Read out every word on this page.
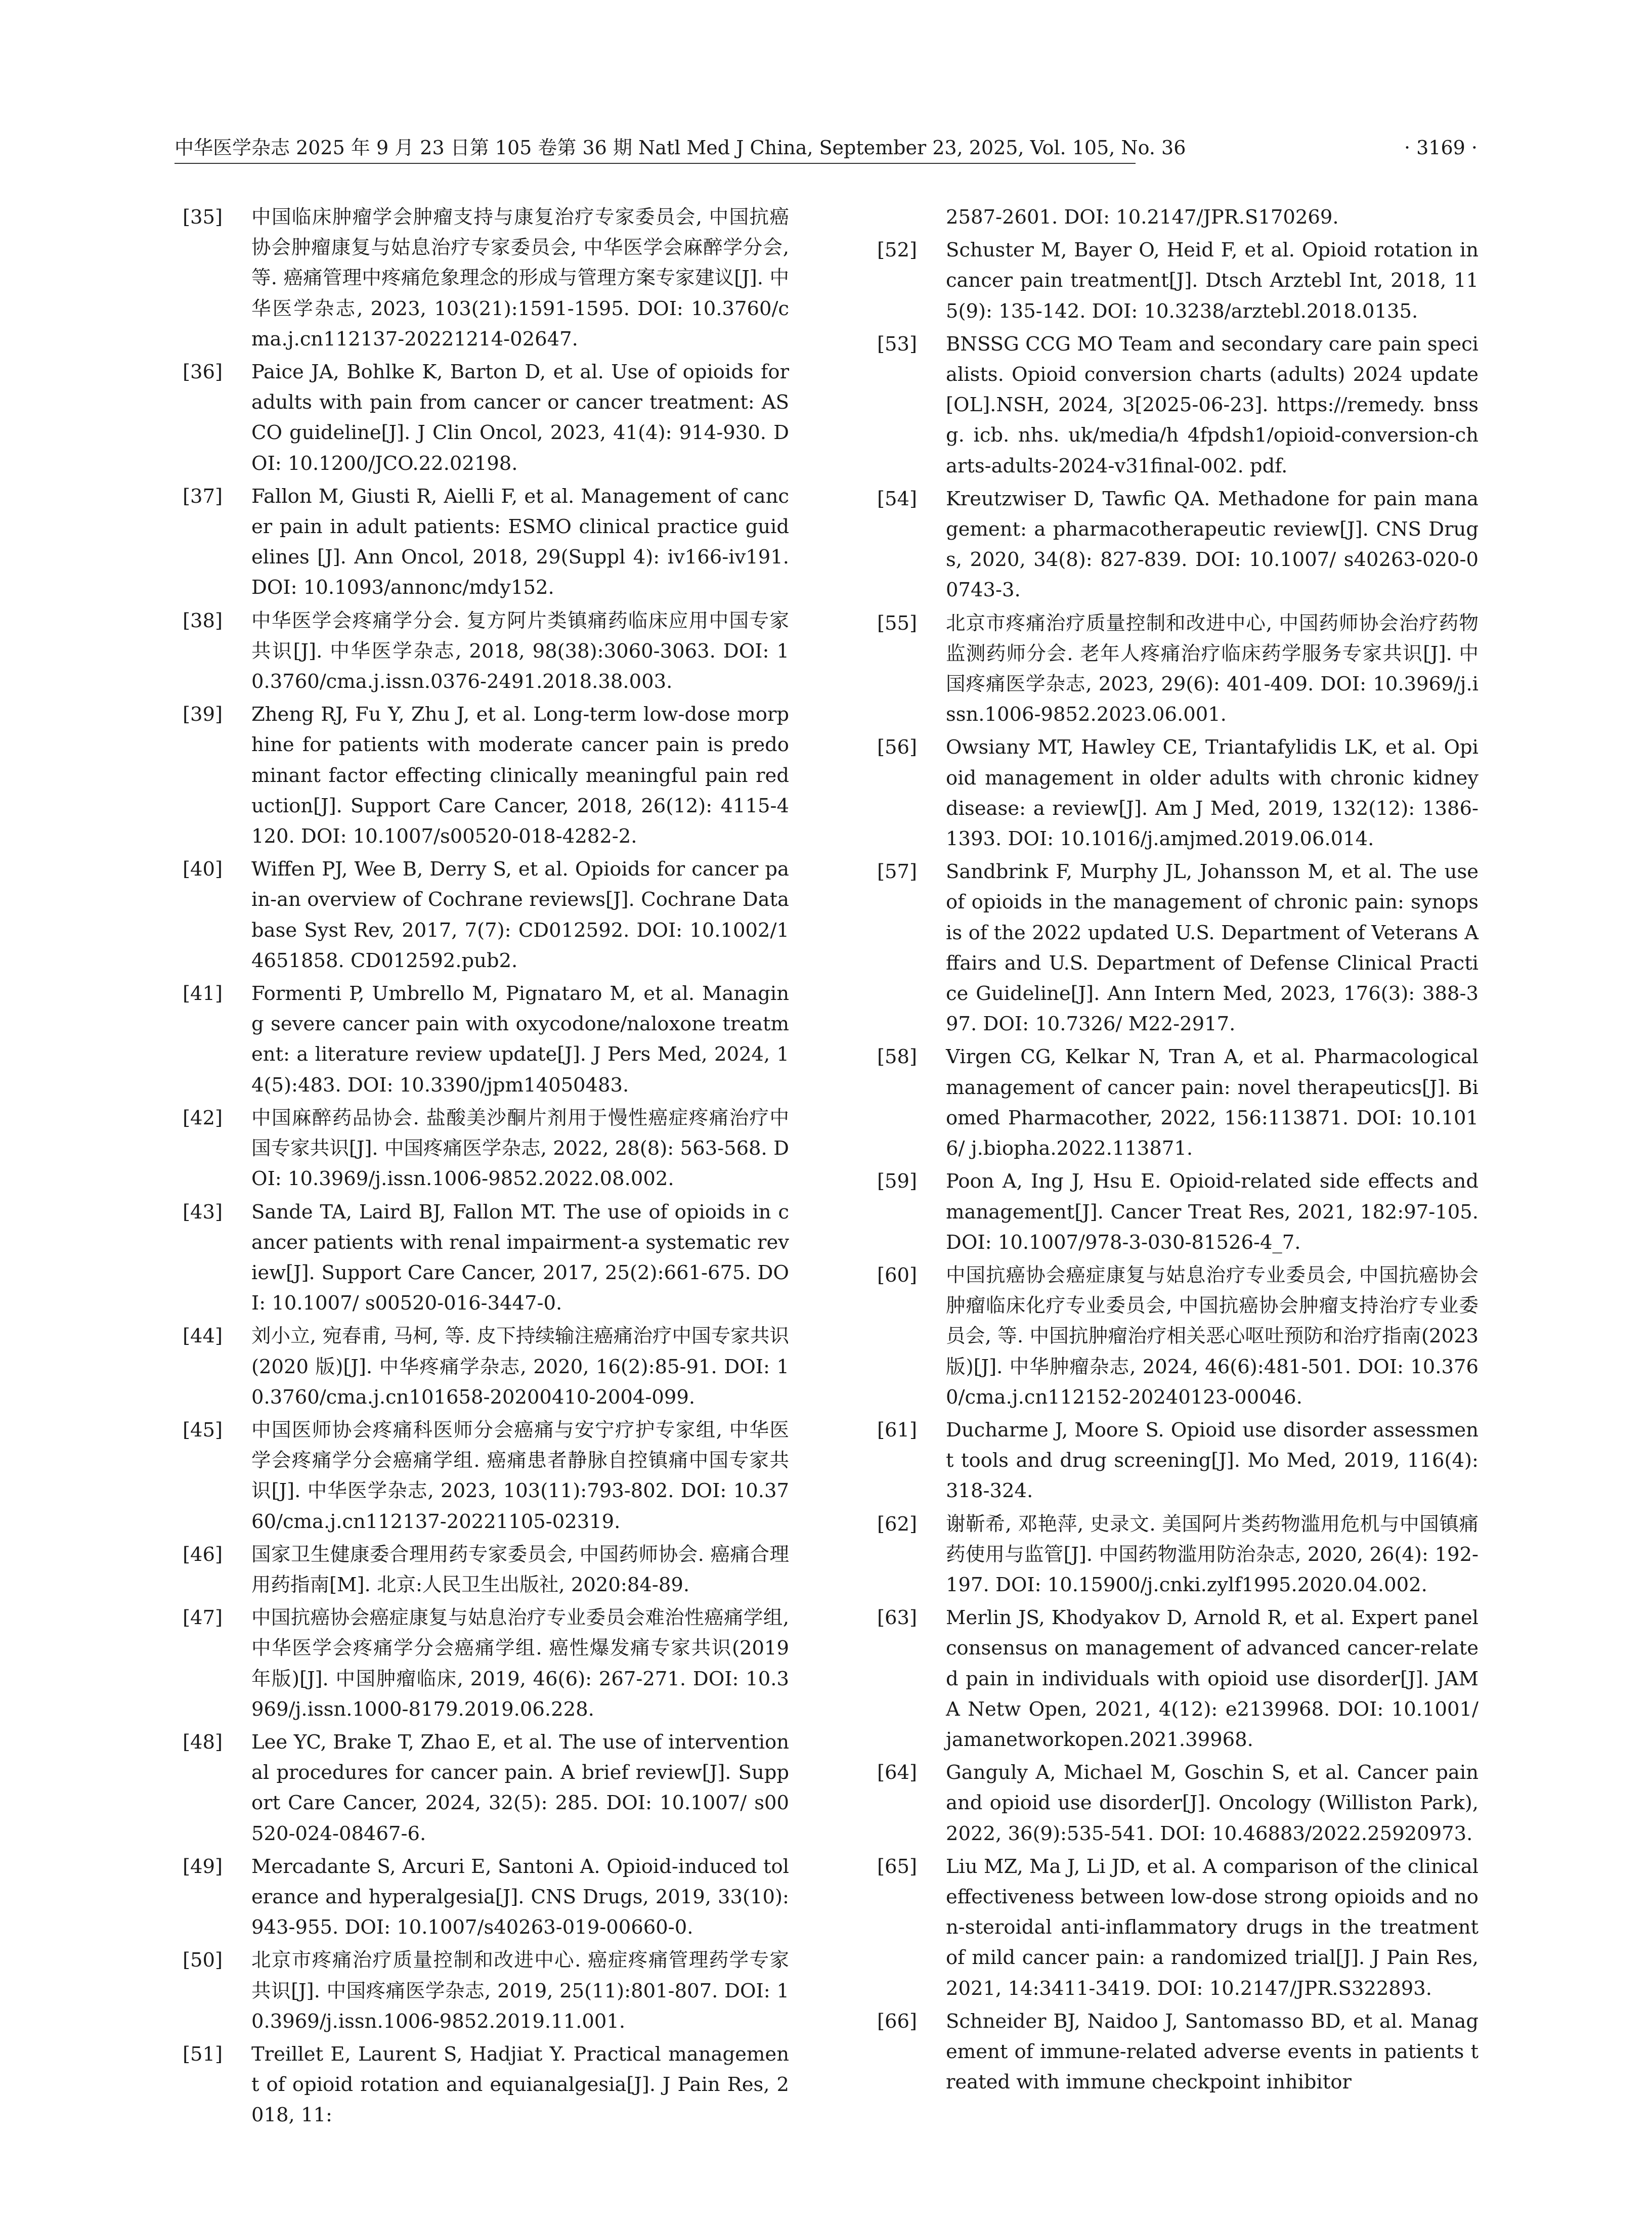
中华医学杂志 2025 年 9 月 23 日第 105 卷第 36 期 Natl Med J China, September 23, 2025, Vol. 105, No. 36	· 3169 ·
[35] 中国临床肿瘤学会肿瘤支持与康复治疗专家委员会, 中国抗癌协会肿瘤康复与姑息治疗专家委员会, 中华医学会麻醉学分会, 等. 癌痛管理中疼痛危象理念的形成与管理方案专家建议[J]. 中华医学杂志, 2023, 103(21):1591-1595. DOI: 10.3760/cma.j.cn112137-20221214-02647.
[36] Paice JA, Bohlke K, Barton D, et al. Use of opioids for adults with pain from cancer or cancer treatment: ASCO guideline[J]. J Clin Oncol, 2023, 41(4): 914-930. DOI: 10.1200/JCO.22.02198.
[37] Fallon M, Giusti R, Aielli F, et al. Management of cancer pain in adult patients: ESMO clinical practice guidelines [J]. Ann Oncol, 2018, 29(Suppl 4): iv166-iv191. DOI: 10.1093/annonc/mdy152.
[38] 中华医学会疼痛学分会. 复方阿片类镇痛药临床应用中国专家共识[J]. 中华医学杂志, 2018, 98(38):3060-3063. DOI: 10.3760/cma.j.issn.0376-2491.2018.38.003.
[39] Zheng RJ, Fu Y, Zhu J, et al. Long-term low-dose morphine for patients with moderate cancer pain is predominant factor effecting clinically meaningful pain reduction[J]. Support Care Cancer, 2018, 26(12): 4115-4120. DOI: 10.1007/s00520-018-4282-2.
[40] Wiffen PJ, Wee B, Derry S, et al. Opioids for cancer pain-an overview of Cochrane reviews[J]. Cochrane Database Syst Rev, 2017, 7(7): CD012592. DOI: 10.1002/14651858. CD012592.pub2.
[41] Formenti P, Umbrello M, Pignataro M, et al. Managing severe cancer pain with oxycodone/naloxone treatment: a literature review update[J]. J Pers Med, 2024, 14(5):483. DOI: 10.3390/jpm14050483.
[42] 中国麻醉药品协会. 盐酸美沙酮片剂用于慢性癌症疼痛治疗中国专家共识[J]. 中国疼痛医学杂志, 2022, 28(8): 563-568. DOI: 10.3969/j.issn.1006-9852.2022.08.002.
[43] Sande TA, Laird BJ, Fallon MT. The use of opioids in cancer patients with renal impairment-a systematic review[J]. Support Care Cancer, 2017, 25(2):661-675. DOI: 10.1007/ s00520-016-3447-0.
[44] 刘小立, 宛春甫, 马柯, 等. 皮下持续输注癌痛治疗中国专家共识(2020 版)[J]. 中华疼痛学杂志, 2020, 16(2):85-91. DOI: 10.3760/cma.j.cn101658-20200410-2004-099.
[45] 中国医师协会疼痛科医师分会癌痛与安宁疗护专家组, 中华医学会疼痛学分会癌痛学组. 癌痛患者静脉自控镇痛中国专家共识[J]. 中华医学杂志, 2023, 103(11):793-802. DOI: 10.3760/cma.j.cn112137-20221105-02319.
[46] 国家卫生健康委合理用药专家委员会, 中国药师协会. 癌痛合理用药指南[M]. 北京:人民卫生出版社, 2020:84-89.
[47] 中国抗癌协会癌症康复与姑息治疗专业委员会难治性癌痛学组, 中华医学会疼痛学分会癌痛学组. 癌性爆发痛专家共识(2019 年版)[J]. 中国肿瘤临床, 2019, 46(6): 267-271. DOI: 10.3969/j.issn.1000-8179.2019.06.228.
[48] Lee YC, Brake T, Zhao E, et al. The use of interventional procedures for cancer pain. A brief review[J]. Support Care Cancer, 2024, 32(5): 285. DOI: 10.1007/ s00520-024-08467-6.
[49] Mercadante S, Arcuri E, Santoni A. Opioid-induced tolerance and hyperalgesia[J]. CNS Drugs, 2019, 33(10): 943-955. DOI: 10.1007/s40263-019-00660-0.
[50] 北京市疼痛治疗质量控制和改进中心. 癌症疼痛管理药学专家共识[J]. 中国疼痛医学杂志, 2019, 25(11):801-807. DOI: 10.3969/j.issn.1006-9852.2019.11.001.
[51] Treillet E, Laurent S, Hadjiat Y. Practical management of opioid rotation and equianalgesia[J]. J Pain Res, 2018, 11:
2587-2601. DOI: 10.2147/JPR.S170269.
[52] Schuster M, Bayer O, Heid F, et al. Opioid rotation in cancer pain treatment[J]. Dtsch Arztebl Int, 2018, 115(9): 135-142. DOI: 10.3238/arztebl.2018.0135.
[53] BNSSG CCG MO Team and secondary care pain specialists. Opioid conversion charts (adults) 2024 update[OL].NSH, 2024, 3[2025-06-23]. https://remedy. bnssg. icb. nhs. uk/media/h 4fpdsh1/opioid-conversion-charts-adults-2024-v31final-002. pdf.
[54] Kreutzwiser D, Tawfic QA. Methadone for pain management: a pharmacotherapeutic review[J]. CNS Drugs, 2020, 34(8): 827-839. DOI: 10.1007/ s40263-020-00743-3.
[55] 北京市疼痛治疗质量控制和改进中心, 中国药师协会治疗药物监测药师分会. 老年人疼痛治疗临床药学服务专家共识[J]. 中国疼痛医学杂志, 2023, 29(6): 401-409. DOI: 10.3969/j.issn.1006-9852.2023.06.001.
[56] Owsiany MT, Hawley CE, Triantafylidis LK, et al. Opioid management in older adults with chronic kidney disease: a review[J]. Am J Med, 2019, 132(12): 1386-1393. DOI: 10.1016/j.amjmed.2019.06.014.
[57] Sandbrink F, Murphy JL, Johansson M, et al. The use of opioids in the management of chronic pain: synopsis of the 2022 updated U.S. Department of Veterans Affairs and U.S. Department of Defense Clinical Practice Guideline[J]. Ann Intern Med, 2023, 176(3): 388-397. DOI: 10.7326/ M22-2917.
[58] Virgen CG, Kelkar N, Tran A, et al. Pharmacological management of cancer pain: novel therapeutics[J]. Biomed Pharmacother, 2022, 156:113871. DOI: 10.1016/ j.biopha.2022.113871.
[59] Poon A, Ing J, Hsu E. Opioid-related side effects and management[J]. Cancer Treat Res, 2021, 182:97-105. DOI: 10.1007/978-3-030-81526-4_7.
[60] 中国抗癌协会癌症康复与姑息治疗专业委员会, 中国抗癌协会肿瘤临床化疗专业委员会, 中国抗癌协会肿瘤支持治疗专业委员会, 等. 中国抗肿瘤治疗相关恶心呕吐预防和治疗指南(2023 版)[J]. 中华肿瘤杂志, 2024, 46(6):481-501. DOI: 10.3760/cma.j.cn112152-20240123-00046.
[61] Ducharme J, Moore S. Opioid use disorder assessment tools and drug screening[J]. Mo Med, 2019, 116(4): 318-324.
[62] 谢靳希, 邓艳萍, 史录文. 美国阿片类药物滥用危机与中国镇痛药使用与监管[J]. 中国药物滥用防治杂志, 2020, 26(4): 192-197. DOI: 10.15900/j.cnki.zylf1995.2020.04.002.
[63] Merlin JS, Khodyakov D, Arnold R, et al. Expert panel consensus on management of advanced cancer-related pain in individuals with opioid use disorder[J]. JAMA Netw Open, 2021, 4(12): e2139968. DOI: 10.1001/ jamanetworkopen.2021.39968.
[64] Ganguly A, Michael M, Goschin S, et al. Cancer pain and opioid use disorder[J]. Oncology (Williston Park), 2022, 36(9):535-541. DOI: 10.46883/2022.25920973.
[65] Liu MZ, Ma J, Li JD, et al. A comparison of the clinical effectiveness between low-dose strong opioids and non-steroidal anti-inflammatory drugs in the treatment of mild cancer pain: a randomized trial[J]. J Pain Res, 2021, 14:3411-3419. DOI: 10.2147/JPR.S322893.
[66] Schneider BJ, Naidoo J, Santomasso BD, et al. Management of immune-related adverse events in patients treated with immune checkpoint inhibitor
